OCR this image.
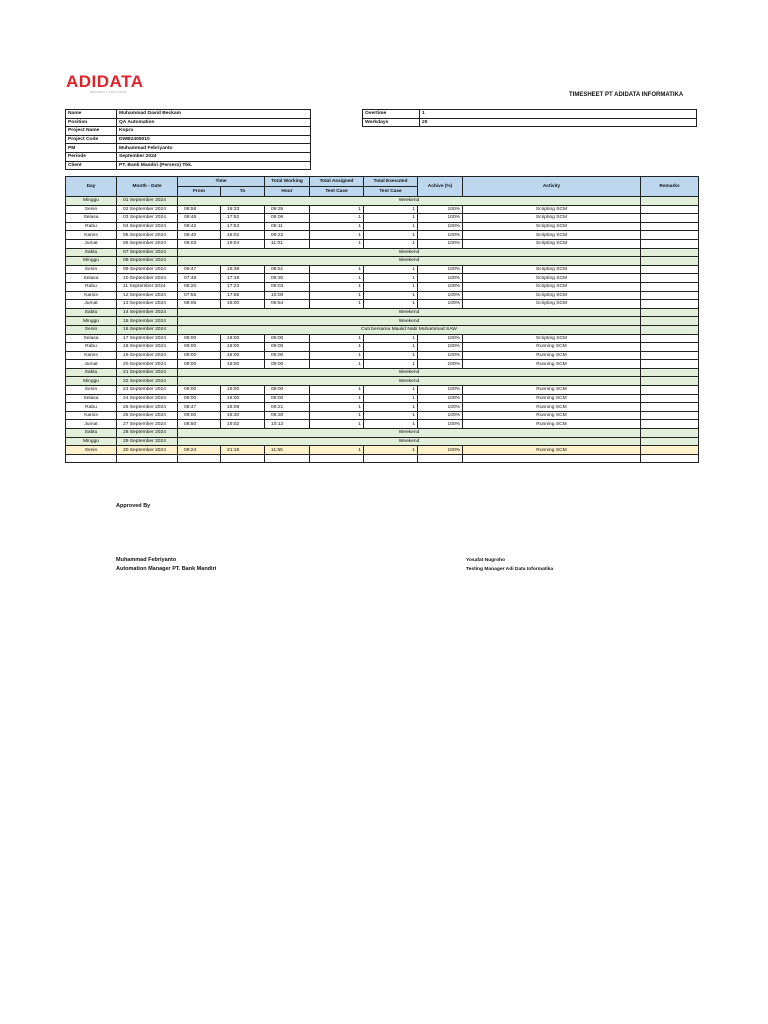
ADIDATA
SECURITY SOLUTION	TIMESHEET PT ADIDATA INFORMATIKA
Name	Muhammad David Beckam
Position	QA Automation
Project Name	Kopra
Project Code	DWB2405010
PM	Muhammad Febriyanto
Periode	September 2024
Client	PT. Bank Mandiri (Persero) Tbk.
Overtime	1
Workdays	20
Day	Month - Date	Time		Total Working	Total Assigned	Total Executed	Achive (%)	Activity	Remarks
		From	To	Hour	Test Case	Test Case			
Minggu	01 September 2024	Weekend							
Senin	02 September 2024	08:58	18:33	09:35	1	1	100%	Scripting SCM	
Selasa	03 September 2024	08:46	17:52	09:06	1	1	100%	Scripting SCM	
Rabu	04 September 2024	08:42	17:53	09:11	1	1	100%	Scripting SCM	
Kamis	05 September 2024	08:40	18:02	09:22	1	1	100%	Scripting SCM	
Jumat	06 September 2024	08:03	19:04	11:01	1	1	100%	Scripting SCM	
Sabtu	07 September 2024	Weekend							
Minggu	08 September 2024	Weekend							
Senin	09 September 2024	09:47	18:38	08:51	1	1	100%	Scripting SCM	
Selasa	10 September 2024	07:48	17:18	09:30	1	1	100%	Scripting SCM	
Rabu	11 September 2024	08:20	17:23	09:03	1	1	100%	Scripting SCM	
Kamis	12 September 2024	07:55	17:55	10:00	1	1	100%	Scripting SCM	
Jumat	13 September 2024	08:06	18:00	09:54	1	1	100%	Scripting SCM	
Sabtu	14 September 2024	Weekend							
Minggu	15 September 2024	Weekend							
Senin	16 September 2024	Cuti bersama Maulid Nabi Muhammad SAW							
Selasa	17 September 2024	09:00	18:00	09:00	1	1	100%	Scripting SCM	
Rabu	18 September 2024	09:00	18:00	09:00	1	1	100%	Running SCM	
Kamis	19 September 2024	09:00	18:00	09:00	1	1	100%	Running SCM	
Jumat	20 September 2024	09:00	18:00	09:00	1	1	100%	Running SCM	
Sabtu	21 September 2024	Weekend							
Minggu	22 September 2024	Weekend							
Senin	23 September 2024	09:00	18:00	09:00	1	1	100%	Running SCM	
Selasa	24 September 2024	09:00	18:00	09:00	1	1	100%	Running SCM	
Rabu	25 September 2024	08:47	18:08	09:21	1	1	100%	Running SCM	
Kamis	26 September 2024	09:00	18:30	09:30	1	1	100%	Running SCM	
Jumat	27 September 2024	08:50	19:02	10:12	1	1	100%	Running SCM	
Sabtu	28 September 2024	Weekend							
Minggu	29 September 2024	Weekend							
Senin	30 September 2024	09:24	21:19	11:55	1	1	100%	Running SCM	

Approved By
Muhammad Febriyanto
Automation Manager PT. Bank Mandiri
Yosafat Nugroho
Testing Manager Adi Data Informatika
